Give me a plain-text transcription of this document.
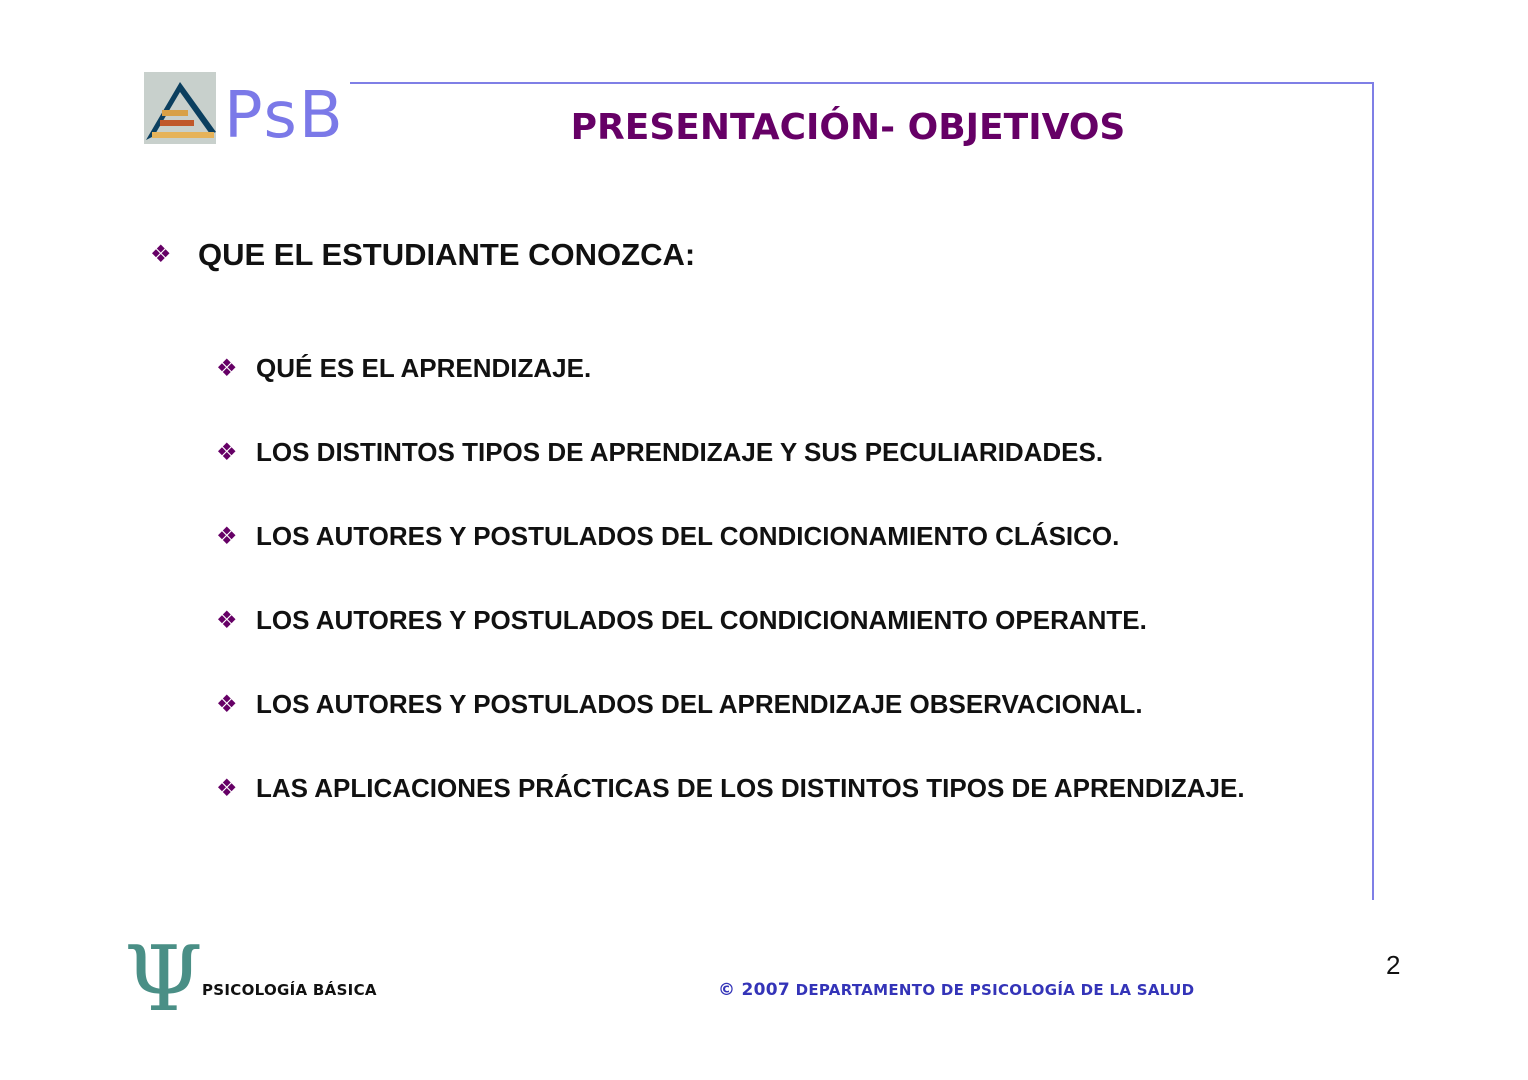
PsB	PRESENTACIÓN- OBJETIVOS
❖ QUE EL ESTUDIANTE CONOZCA:
❖ QUÉ ES EL APRENDIZAJE.
❖ LOS DISTINTOS TIPOS DE APRENDIZAJE Y SUS PECULIARIDADES.
❖ LOS AUTORES Y POSTULADOS DEL CONDICIONAMIENTO CLÁSICO.
❖ LOS AUTORES Y POSTULADOS DEL CONDICIONAMIENTO OPERANTE.
❖ LOS AUTORES Y POSTULADOS DEL APRENDIZAJE OBSERVACIONAL.
❖ LAS APLICACIONES PRÁCTICAS DE LOS DISTINTOS TIPOS DE APRENDIZAJE.
Ψ PSICOLOGÍA BÁSICA	© 2007 DEPARTAMENTO DE PSICOLOGÍA DE LA SALUD
2
